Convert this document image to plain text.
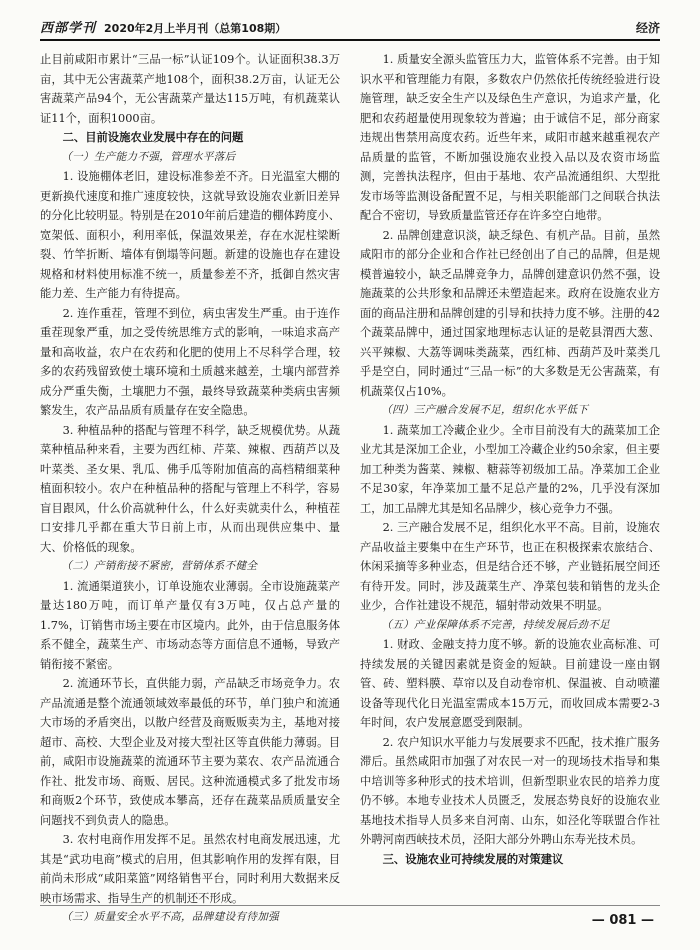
西部学刊 2020年2月上半月刊（总第108期）	经济

止目前咸阳市累计“三品一标”认证109个。认证面积38.3万亩，其中无公害蔬菜产地108个，面积38.2万亩，认证无公害蔬菜产品94个，无公害蔬菜产量达115万吨，有机蔬菜认证11个，面积1000亩。

二、目前设施农业发展中存在的问题

（一）生产能力不强，管理水平落后

1. 设施棚体老旧，建设标准参差不齐。日光温室大棚的更新换代速度和推广速度较快，这就导致设施农业新旧差异的分化比较明显。特别是在2010年前后建造的棚体跨度小、宽架低、面积小，利用率低，保温效果差，存在水泥柱梁断裂、竹竿折断、墙体有倒塌等问题。新建的设施也存在建设规格和材料使用标准不统一，质量参差不齐，抵御自然灾害能力差、生产能力有待提高。

2. 连作重茬，管理不到位，病虫害发生严重。由于连作重茬现象严重，加之受传统思维方式的影响，一味追求高产量和高收益，农户在农药和化肥的使用上不尽科学合理，较多的农药残留致使土壤环境和土质越来越差，土壤内部营养成分严重失衡，土壤肥力不强，最终导致蔬菜种类病虫害频繁发生，农产品品质有质量存在安全隐患。

3. 种植品种的搭配与管理不科学，缺乏规模优势。从蔬菜种植品种来看，主要为西红柿、芹菜、辣椒、西葫芦以及叶菜类、圣女果、乳瓜、佛手瓜等附加值高的高档精细菜种植面积较小。农户在种植品种的搭配与管理上不科学，容易盲目跟风，什么价高就种什么，什么好卖就卖什么，种植茬口安排几乎都在重大节日前上市，从而出现供应集中、量大、价格低的现象。

（二）产销衔接不紧密，营销体系不健全

1. 流通渠道狭小，订单设施农业薄弱。全市设施蔬菜产量达180万吨，而订单产量仅有3万吨，仅占总产量的1.7%，订销售市场主要在市区境内。此外，由于信息服务体系不健全，蔬菜生产、市场动态等方面信息不通畅，导致产销衔接不紧密。

2. 流通环节长，直供能力弱，产品缺乏市场竞争力。农产品流通是整个流通领域效率最低的环节，单门独户和流通大市场的矛盾突出，以散户经营及商贩贩卖为主，基地对接超市、高校、大型企业及对接大型社区等直供能力薄弱。目前，咸阳市设施蔬菜的流通环节主要为菜农、农产品流通合作社、批发市场、商贩、居民。这种流通模式多了批发市场和商贩2个环节，致使成本攀高，还存在蔬菜品质质量安全问题找不到负责人的隐患。

3. 农村电商作用发挥不足。虽然农村电商发展迅速，尤其是“武功电商”模式的启用，但其影响作用的发挥有限，目前尚未形成“咸阳菜篮”网络销售平台，同时利用大数据来反映市场需求、指导生产的机制还不形成。

（三）质量安全水平不高，品牌建设有待加强

1. 质量安全源头监管压力大，监管体系不完善。由于知识水平和管理能力有限，多数农户仍然依托传统经验进行设施管理，缺乏安全生产以及绿色生产意识，为追求产量，化肥和农药超量使用现象较为普遍；由于诚信不足，部分商家违规出售禁用高度农药。近些年来，咸阳市越来越重视农产品质量的监管，不断加强设施农业投入品以及农资市场监测，完善执法程序，但由于基地、农产品流通组织、大型批发市场等监测设备配置不足，与相关职能部门之间联合执法配合不密切，导致质量监管还存在许多空白地带。

2. 品牌创建意识淡，缺乏绿色、有机产品。目前，虽然咸阳市的部分企业和合作社已经创出了自己的品牌，但是规模普遍较小，缺乏品牌竞争力，品牌创建意识仍然不强，设施蔬菜的公共形象和品牌还未塑造起来。政府在设施农业方面的商品注册和品牌创建的引导和扶持力度不够。注册的42个蔬菜品牌中，通过国家地理标志认证的是乾县渭西大葱、兴平辣椒、大荔等调味类蔬菜，西红柿、西葫芦及叶菜类几乎是空白，同时通过“三品一标”的大多数是无公害蔬菜，有机蔬菜仅占10%。

（四）三产融合发展不足，组织化水平低下

1. 蔬菜加工冷藏企业少。全市目前没有大的蔬菜加工企业尤其是深加工企业，小型加工冷藏企业约50余家，但主要加工种类为酱菜、辣椒、糖蒜等初级加工品。净菜加工企业不足30家，年净菜加工量不足总产量的2%，几乎没有深加工，加工品牌尤其是知名品牌少，核心竞争力不强。

2. 三产融合发展不足，组织化水平不高。目前，设施农产品收益主要集中在生产环节，也正在积极探索农旅结合、休闲采摘等多种业态，但是结合还不够，产业链拓展空间还有待开发。同时，涉及蔬菜生产、净菜包装和销售的龙头企业少，合作社建设不规范，辐射带动效果不明显。

（五）产业保障体系不完善，持续发展后劲不足

1. 财政、金融支持力度不够。新的设施农业高标准、可持续发展的关键因素就是资金的短缺。目前建设一座由钢管、砖、塑料膜、草帘以及自动卷帘机、保温被、自动喷灌设备等现代化日光温室需成本15万元，而收回成本需要2-3年时间，农户发展意愿受到限制。

2. 农户知识水平能力与发展要求不匹配，技术推广服务滞后。虽然咸阳市加强了对农民一对一的现场技术指导和集中培训等多种形式的技术培训，但新型职业农民的培养力度仍不够。本地专业技术人员匮乏，发展态势良好的设施农业基地技术指导人员多来自河南、山东，如泾化等联盟合作社外聘河南西峡技术员，泾阳大部分外聘山东寿光技术员。

三、设施农业可持续发展的对策建议

— 081 —
